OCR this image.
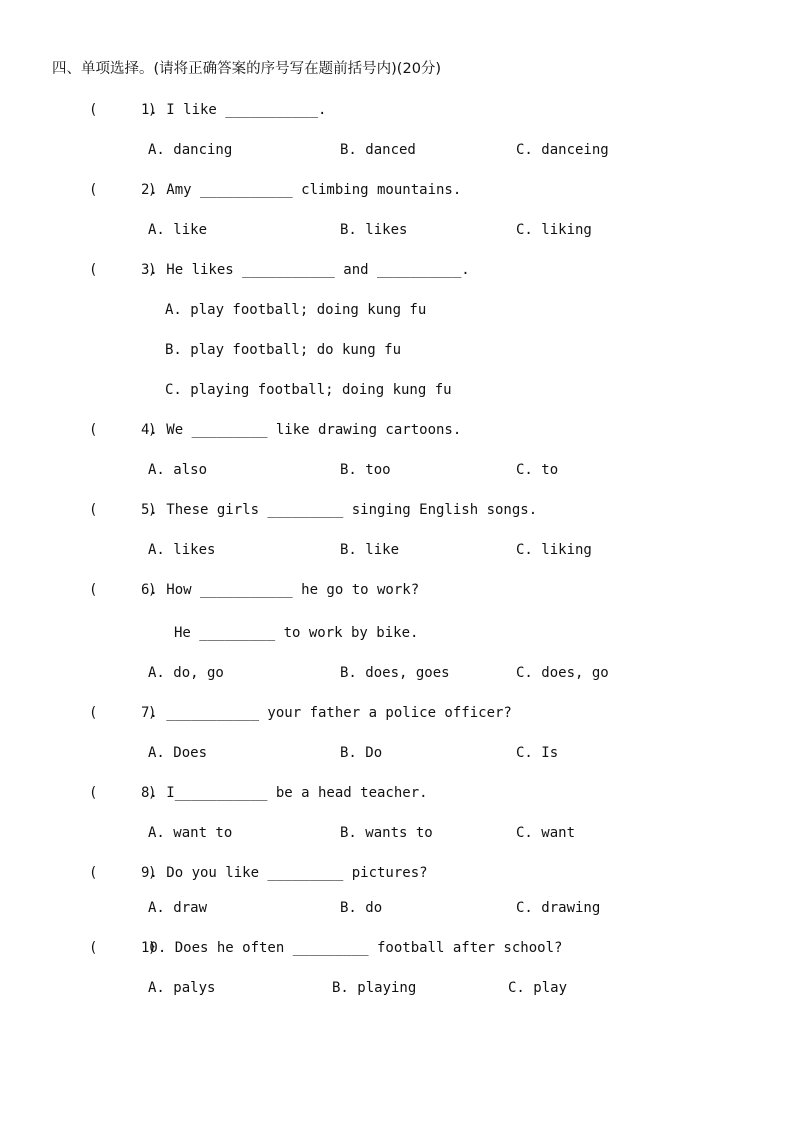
四、单项选择。(请将正确答案的序号写在题前括号内)(20分)
(      )
1. I like ___________.
A. dancing	B. danced	C. danceing
(      )
2. Amy ___________ climbing mountains.
A. like	B. likes	C. liking
(      )
3. He likes ___________ and __________.
A. play football; doing kung fu
B. play football; do kung fu
C. playing football; doing kung fu
(      )
4. We _________ like drawing cartoons.
A. also	B. too	C. to
(      )
5. These girls _________ singing English songs.
A. likes	B. like	C. liking
(      )
6. How ___________ he go to work?
He _________ to work by bike.
A. do, go	B. does, goes	C. does, go
(      )
7. ___________ your father a police officer?
A. Does	B. Do	C. Is
(      )
8. I___________ be a head teacher.
A. want to	B. wants to	C. want
(      )
9. Do you like _________ pictures?
A. draw	B. do	C. drawing
(      )
10. Does he often _________ football after school?
A. palys	B. playing	C. play
